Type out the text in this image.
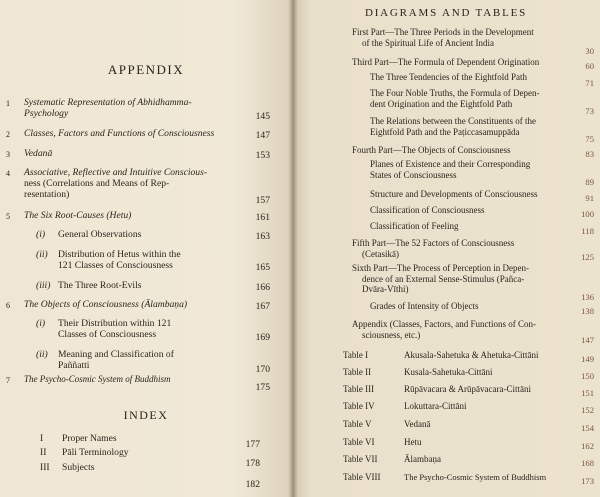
APPENDIX
1 Systematic Representation of Abhidhamma-
Psychology	145
2 Classes, Factors and Functions of Consciousness	147
3 Vedanā	153
4 Associative, Reflective and Intuitive Conscious-
ness (Correlations and Means of Rep-
resentation)
157
5 The Six Root-Causes (Hetu)	161
(i) General Observations	163
(ii) Distribution of Hetus within the
121 Classes of Consciousness	165
(iii) The Three Root-Evils	166
6 The Objects of Consciousness (Ālambaṇa)	167
(i) Their Distribution within 121
Classes of Consciousness	169
(ii) Meaning and Classification of
Paññatti	170
7 The Psycho-Cosmic System of Buddhism
175
INDEX
I Proper Names
177
II Pāli Terminology
178
III Subjects
182
DIAGRAMS AND TABLES
First Part—The Three Periods in the Development
of the Spiritual Life of Ancient India
30
Third Part—The Formula of Dependent Origination	60
The Three Tendencies of the Eightfold Path
71
The Four Noble Truths, the Formula of Depen-
dent Origination and the Eightfold Path
73
The Relations between the Constituents of the
Eightfold Path and the Paṭiccasamuppāda
75
Fourth Part—The Objects of Consciousness	83
Planes of Existence and their Corresponding
States of Consciousness
89
Structure and Developments of Consciousness	91
Classification of Consciousness	100
Classification of Feeling	118
Fifth Part—The 52 Factors of Consciousness
(Cetasikā)	125
Sixth Part—The Process of Perception in Depen-
dence of an External Sense-Stimulus (Pañca-
Dvāra-Vīthi)
136
Grades of Intensity of Objects	138
Appendix (Classes, Factors, and Functions of Con-
sciousness, etc.)
147
Table I	Akusala-Sahetuka & Ahetuka-Cittāni	149
Table II	Kusala-Sahetuka-Cittāni	150
Table III	Rūpāvacara & Arūpāvacara-Cittāni	151
Table IV	Lokuttara-Cittāni	152
Table V	Vedanā	154
Table VI	Hetu	162
Table VII	Ālambaṇa	168
Table VIII	The Psycho-Cosmic System of Buddhism	173
